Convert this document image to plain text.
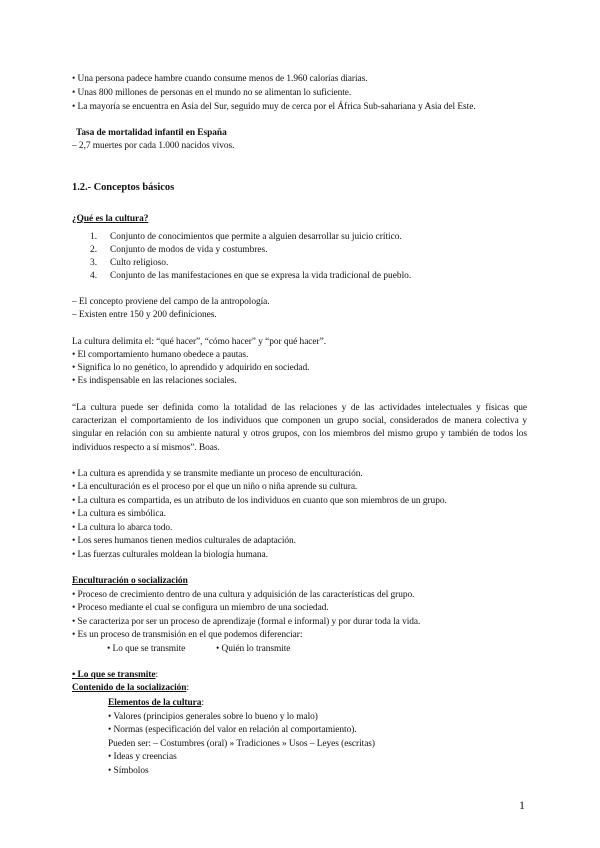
• Una persona padece hambre cuando consume menos de 1.960 calorías diarias.
• Unas 800 millones de personas en el mundo no se alimentan lo suficiente.
• La mayoría se encuentra en Asia del Sur, seguido muy de cerca por el África Sub-sahariana y Asia del Este.
Tasa de mortalidad infantil en España
– 2,7 muertes por cada 1.000 nacidos vivos.
1.2.- Conceptos básicos
¿Qué es la cultura?
1. Conjunto de conocimientos que permite a alguien desarrollar su juicio crítico.
2. Conjunto de modos de vida y costumbres.
3. Culto religioso.
4. Conjunto de las manifestaciones en que se expresa la vida tradicional de pueblo.
– El concepto proviene del campo de la antropología.
– Existen entre 150 y 200 definiciones.
La cultura delimita el: “qué hacer”, “cómo hacer” y “por qué hacer”.
• El comportamiento humano obedece a pautas.
• Significa lo no genético, lo aprendido y adquirido en sociedad.
• Es indispensable en las relaciones sociales.
“La cultura puede ser definida como la totalidad de las relaciones y de las actividades intelectuales y físicas que caracterizan el comportamiento de los individuos que componen un grupo social, considerados de manera colectiva y singular en relación con su ambiente natural y otros grupos, con los miembros del mismo grupo y también de todos los individuos respecto a sí mismos”. Boas.
• La cultura es aprendida y se transmite mediante un proceso de enculturación.
• La enculturación es el proceso por el que un niño o niña aprende su cultura.
• La cultura es compartida, es un atributo de los individuos en cuanto que son miembros de un grupo.
• La cultura es simbólica.
• La cultura lo abarca todo.
• Los seres humanos tienen medios culturales de adaptación.
• Las fuerzas culturales moldean la biología humana.
Enculturación o socialización
• Proceso de crecimiento dentro de una cultura y adquisición de las características del grupo.
• Proceso mediante el cual se configura un miembro de una sociedad.
• Se caracteriza por ser un proceso de aprendizaje (formal e informal) y por durar toda la vida.
• Es un proceso de transmisión en el que podemos diferenciar:
• Lo que se transmite	• Quién lo transmite
• Lo que se transmite:
Contenido de la socialización:
Elementos de la cultura:
• Valores (principios generales sobre lo bueno y lo malo)
• Normas (especificación del valor en relación al comportamiento).
Pueden ser: – Costumbres (oral) » Tradiciones » Usos – Leyes (escritas)
• Ideas y creencias
• Símbolos
1
